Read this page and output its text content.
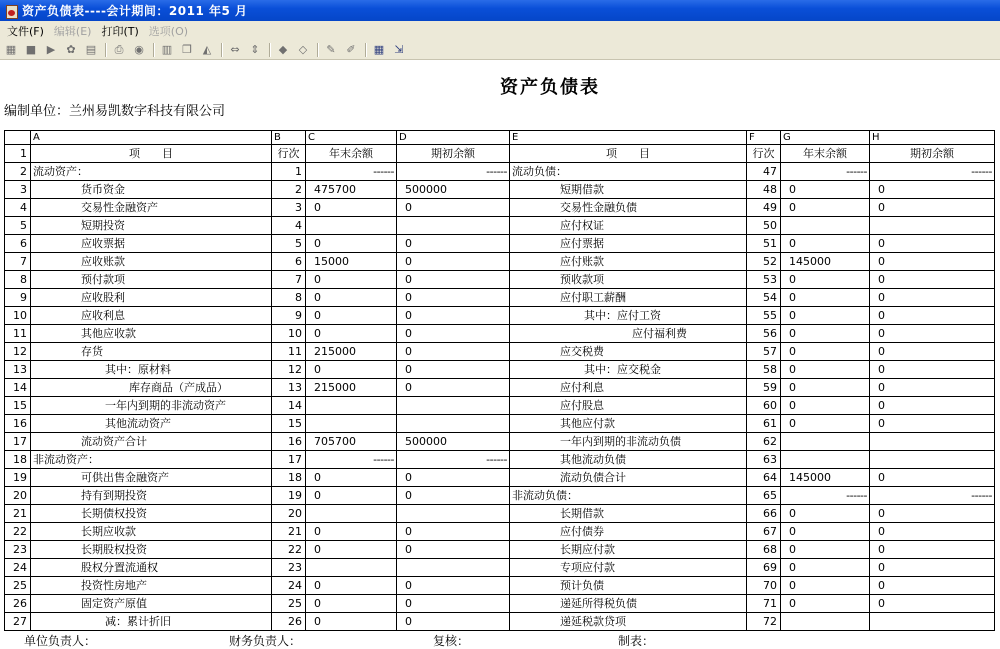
资产负债表----会计期间：2011 年5 月
文件(F) 编辑(E) 打印(T) 选项(O)
▦ ■ ▶	✿ ▤	⎙ ◉	▥ ❐ ◭	⇔ ⇕	◆	◇	✎ ✐	▦ ⇲
资产负债表
编制单位：兰州易凯数字科技有限公司
	A	B	C	D	E	F	G	H
1	项　　目	行次	年末余额	期初余额	项　　目	行次	年末余额	期初余额
2	流动资产：	1	------	------	流动负债：	47	------	------
3	货币资金	2	475700	500000	短期借款	48	0	0
4	交易性金融资产	3	0	0	交易性金融负债	49	0	0
5	短期投资	4			应付权证	50		
6	应收票据	5	0	0	应付票据	51	0	0
7	应收账款	6	15000	0	应付账款	52	145000	0
8	预付款项	7	0	0	预收款项	53	0	0
9	应收股利	8	0	0	应付职工薪酬	54	0	0
10	应收利息	9	0	0	其中：应付工资	55	0	0
11	其他应收款	10	0	0	应付福利费	56	0	0
12	存货	11	215000	0	应交税费	57	0	0
13	其中：原材料	12	0	0	其中：应交税金	58	0	0
14	库存商品（产成品）	13	215000	0	应付利息	59	0	0
15	一年内到期的非流动资产	14			应付股息	60	0	0
16	其他流动资产	15			其他应付款	61	0	0
17	流动资产合计	16	705700	500000	一年内到期的非流动负债	62		
18	非流动资产：	17	------	------	其他流动负债	63		
19	可供出售金融资产	18	0	0	流动负债合计	64	145000	0
20	持有到期投资	19	0	0	非流动负债：	65	------	------
21	长期债权投资	20			长期借款	66	0	0
22	长期应收款	21	0	0	应付债券	67	0	0
23	长期股权投资	22	0	0	长期应付款	68	0	0
24	股权分置流通权	23			专项应付款	69	0	0
25	投资性房地产	24	0	0	预计负债	70	0	0
26	固定资产原值	25	0	0	递延所得税负债	71	0	0
27	减：累计折旧	26	0	0	递延税款贷项	72		
单位负责人：	财务负责人：	复核：	制表：
